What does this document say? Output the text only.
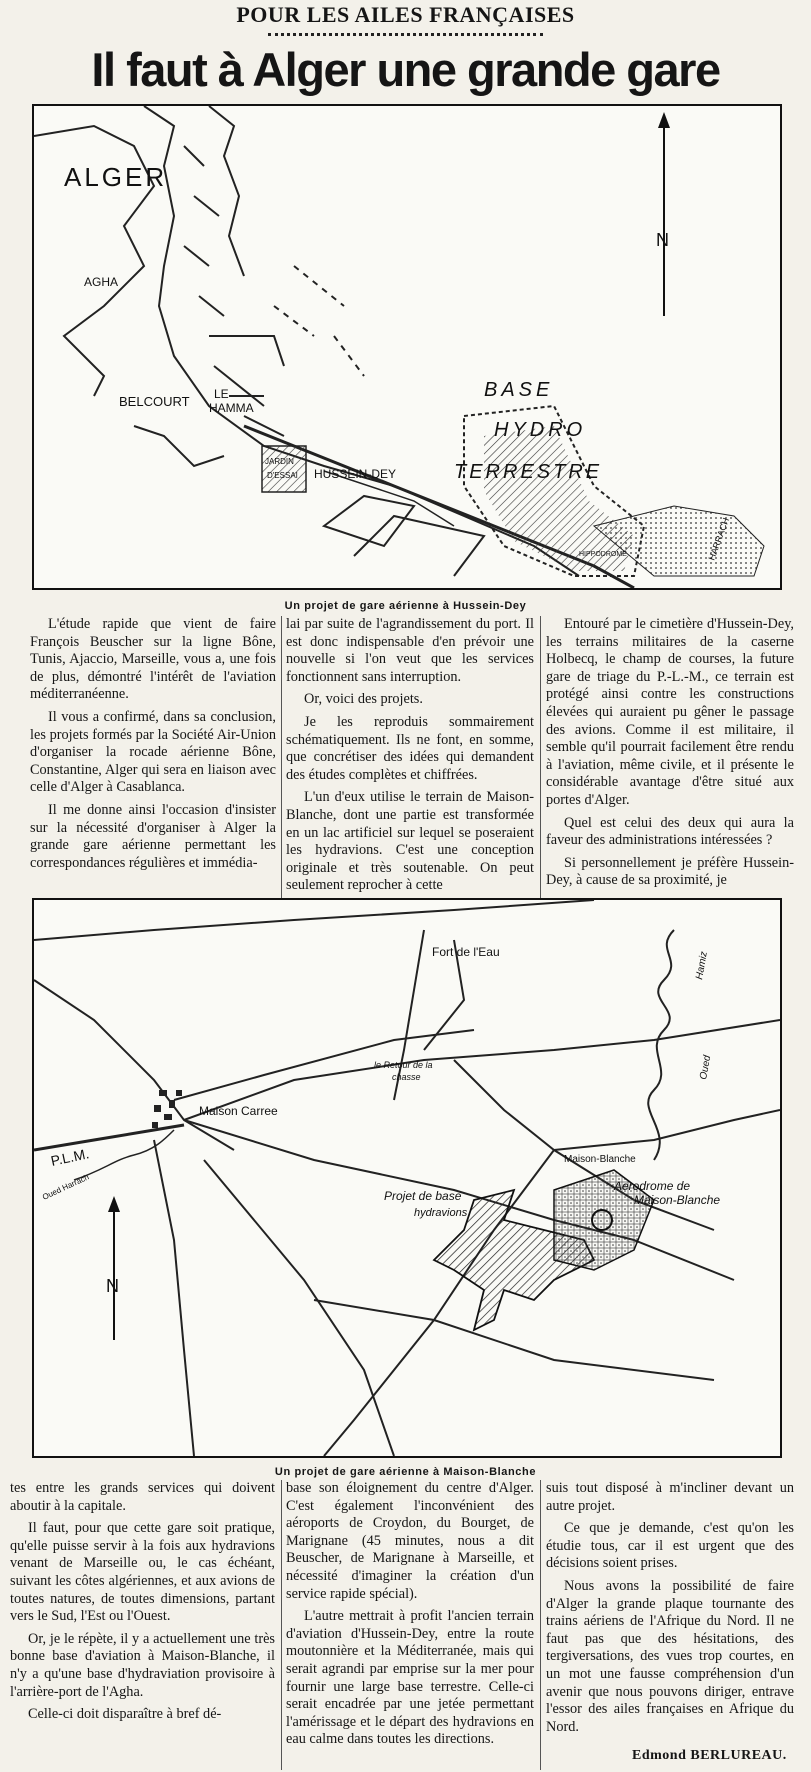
POUR LES AILES FRANÇAISES
Il faut à Alger une grande gare
ALGER
AGHA
BELCOURT LE
HAMMA
JARDIN
D'ESSAI HUSSEIN-DEY
BASE
HYDRO
TERRESTRE
HIPPODROME	HARRACH
N
Un projet de gare aérienne à Hussein-Dey

L'étude rapide que vient de faire François Beuscher sur la ligne Bône, Tunis, Ajaccio, Marseille, vous a, une fois de plus, démontré l'intérêt de l'aviation méditerranéenne.

Il vous a confirmé, dans sa conclusion, les projets formés par la Société Air-Union d'organiser la rocade aérienne Bône, Constantine, Alger qui sera en liaison avec celle d'Alger à Casablanca.

Il me donne ainsi l'occasion d'insister sur la nécessité d'organiser à Alger la grande gare aérienne permettant les correspondances régulières et immédia-

lai par suite de l'agrandissement du port. Il est donc indispensable d'en prévoir une nouvelle si l'on veut que les services fonctionnent sans interruption.

Or, voici des projets.

Je les reproduis sommairement schématiquement. Ils ne font, en somme, que concrétiser des idées qui demandent des études complètes et chiffrées.

L'un d'eux utilise le terrain de Maison-Blanche, dont une partie est transformée en un lac artificiel sur lequel se poseraient les hydravions. C'est une conception originale et très soutenable. On peut seulement reprocher à cette

Entouré par le cimetière d'Hussein-Dey, les terrains militaires de la caserne Holbecq, le champ de courses, la future gare de triage du P.-L.-M., ce terrain est protégé ainsi contre les constructions élevées qui auraient pu gêner le passage des avions. Comme il est militaire, il semble qu'il pourrait facilement être rendu à l'aviation, même civile, et il présente le considérable avantage d'être situé aux portes d'Alger.

Quel est celui des deux qui aura la faveur des administrations intéressées ?

Si personnellement je préfère Hussein-Dey, à cause de sa proximité, je

Fort de l'Eau
le Retour de la
chasse
Maison Carree
P.L.M.
Oued Harrach
Maison-Blanche
Aerodrome de
Maison-Blanche
Projet de base
hydravions
Hamiz
Oued
N
Un projet de gare aérienne à Maison-Blanche

tes entre les grands services qui doivent aboutir à la capitale.

Il faut, pour que cette gare soit pratique, qu'elle puisse servir à la fois aux hydravions venant de Marseille ou, le cas échéant, suivant les côtes algériennes, et aux avions de toutes natures, de toutes dimensions, partant vers le Sud, l'Est ou l'Ouest.

Or, je le répète, il y a actuellement une très bonne base d'aviation à Maison-Blanche, il n'y a qu'une base d'hydraviation provisoire à l'arrière-port de l'Agha.

Celle-ci doit disparaître à bref dé-

base son éloignement du centre d'Alger. C'est également l'inconvénient des aéroports de Croydon, du Bourget, de Marignane (45 minutes, nous a dit Beuscher, de Marignane à Marseille, et nécessité d'imaginer la création d'un service rapide spécial).

L'autre mettrait à profit l'ancien terrain d'aviation d'Hussein-Dey, entre la route moutonnière et la Méditerranée, mais qui serait agrandi par emprise sur la mer pour fournir une large base terrestre. Celle-ci serait encadrée par une jetée permettant l'amérissage et le départ des hydravions en eau calme dans toutes les directions.

suis tout disposé à m'incliner devant un autre projet.

Ce que je demande, c'est qu'on les étudie tous, car il est urgent que des décisions soient prises.

Nous avons la possibilité de faire d'Alger la grande plaque tournante des trains aériens de l'Afrique du Nord. Il ne faut pas que des hésitations, des tergiversations, des vues trop courtes, en un mot une fausse compréhension d'un avenir que nous pouvons diriger, entrave l'essor des ailes françaises en Afrique du Nord.

Edmond BERLUREAU.
